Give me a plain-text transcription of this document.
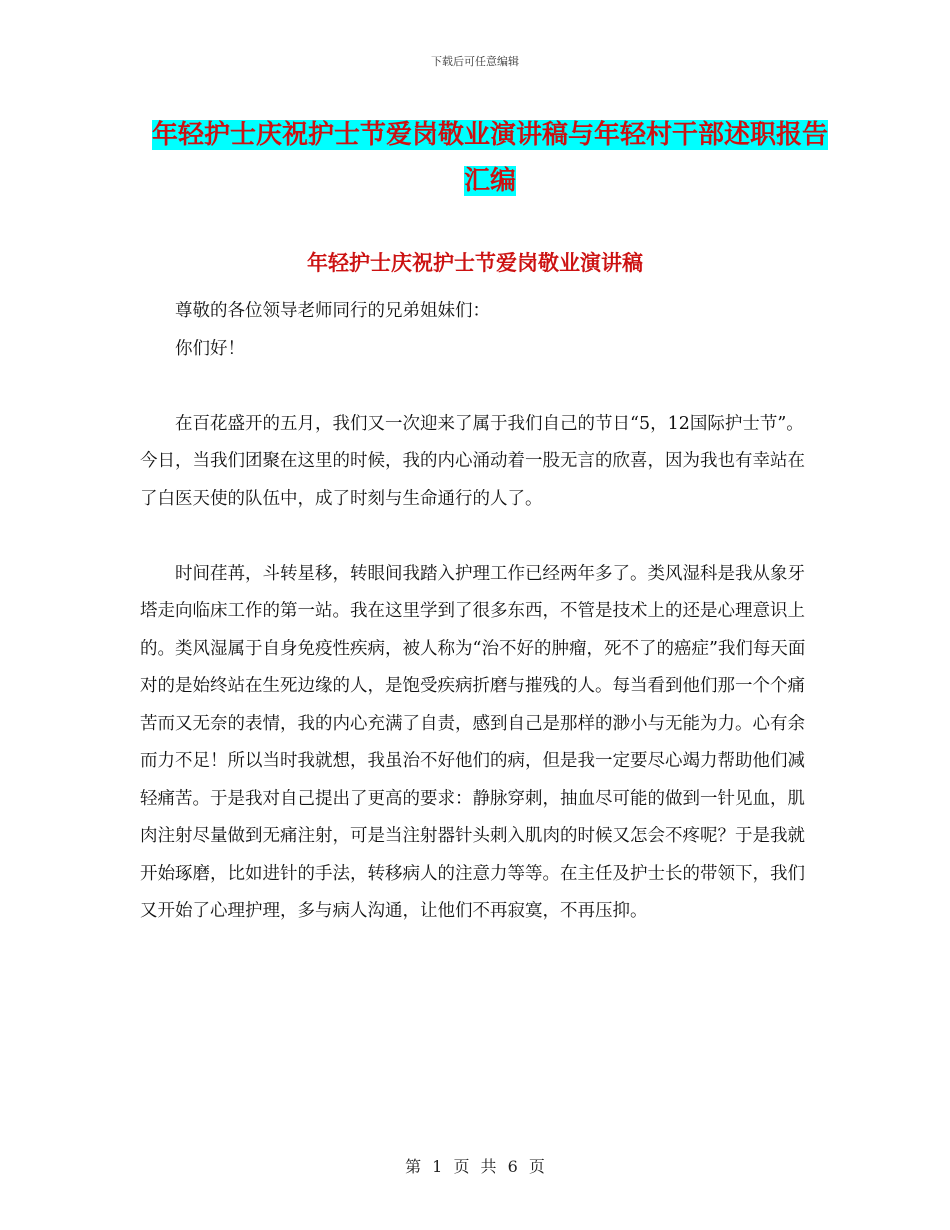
下载后可任意编辑
年轻护士庆祝护士节爱岗敬业演讲稿与年轻村干部述职报告汇编
年轻护士庆祝护士节爱岗敬业演讲稿

尊敬的各位领导老师同行的兄弟姐妹们：

你们好！

在百花盛开的五月，我们又一次迎来了属于我们自己的节日“5，12国际护士节”。今日，当我们团聚在这里的时候，我的内心涌动着一股无言的欣喜，因为我也有幸站在了白医天使的队伍中，成了时刻与生命通行的人了。

时间荏苒，斗转星移，转眼间我踏入护理工作已经两年多了。类风湿科是我从象牙塔走向临床工作的第一站。我在这里学到了很多东西，不管是技术上的还是心理意识上的。类风湿属于自身免疫性疾病，被人称为“治不好的肿瘤，死不了的癌症”我们每天面对的是始终站在生死边缘的人，是饱受疾病折磨与摧残的人。每当看到他们那一个个痛苦而又无奈的表情，我的内心充满了自责，感到自己是那样的渺小与无能为力。心有余而力不足！所以当时我就想，我虽治不好他们的病，但是我一定要尽心竭力帮助他们减轻痛苦。于是我对自己提出了更高的要求：静脉穿刺，抽血尽可能的做到一针见血，肌肉注射尽量做到无痛注射，可是当注射器针头刺入肌肉的时候又怎会不疼呢？于是我就开始琢磨，比如进针的手法，转移病人的注意力等等。在主任及护士长的带领下，我们又开始了心理护理，多与病人沟通，让他们不再寂寞，不再压抑。

第 1 页 共 6 页
